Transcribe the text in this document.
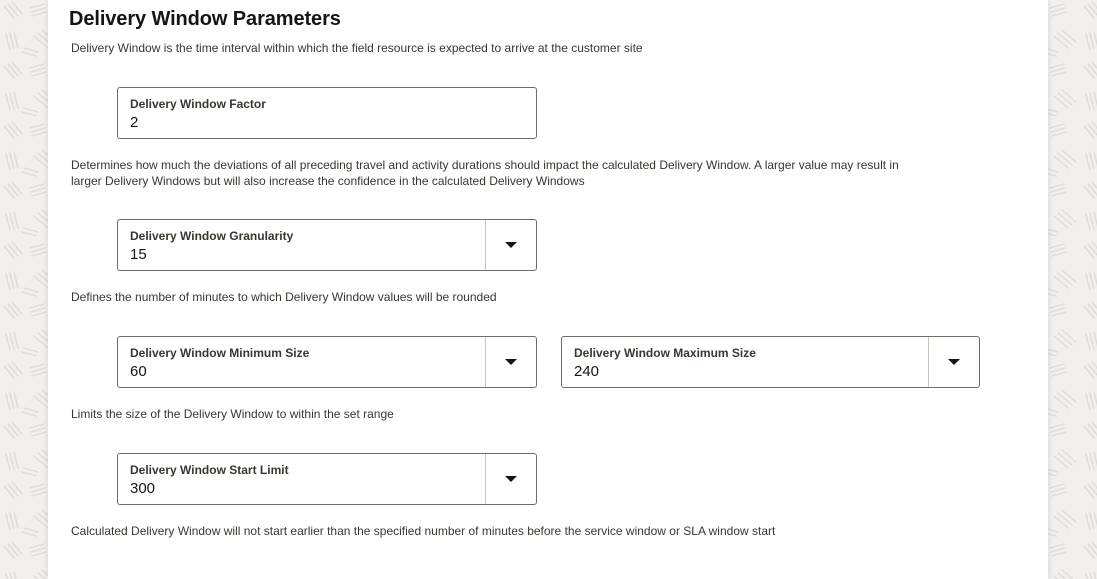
Delivery Window Parameters
Delivery Window is the time interval within which the field resource is expected to arrive at the customer site
Delivery Window Factor
2
Determines how much the deviations of all preceding travel and activity durations should impact the calculated Delivery Window. A larger value may result in
larger Delivery Windows but will also increase the confidence in the calculated Delivery Windows
Delivery Window Granularity
15
Defines the number of minutes to which Delivery Window values will be rounded
Delivery Window Minimum Size
60
Delivery Window Maximum Size
240
Limits the size of the Delivery Window to within the set range
Delivery Window Start Limit
300
Calculated Delivery Window will not start earlier than the specified number of minutes before the service window or SLA window start
